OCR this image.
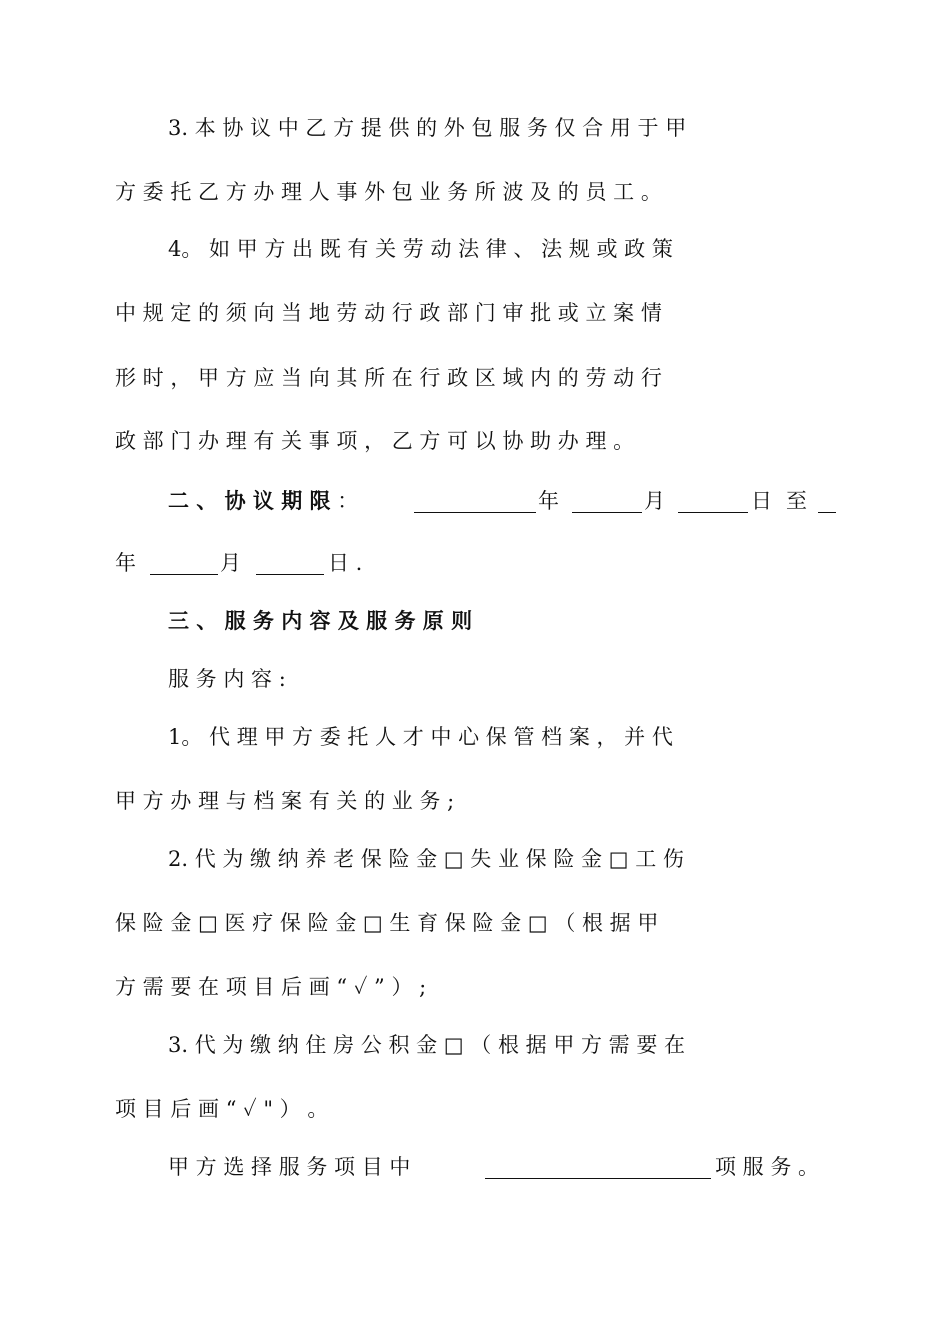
3. 本 协 议 中 乙 方 提 供 的 外 包 服 务 仅 合 用 于 甲
方 委 托 乙 方 办 理 人 事 外 包 业 务 所 波 及 的 员 工 。
4。 如 甲 方 出 既 有 关 劳 动 法 律 、 法 规 或 政 策
中 规 定 的 须 向 当 地 劳 动 行 政 部 门 审 批 或 立 案 情
形 时 ， 甲 方 应 当 向 其 所 在 行 政 区 域 内 的 劳 动 行
政 部 门 办 理 有 关 事 项 ， 乙 方 可 以 协 助 办 理 。
二 、 协 议 期 限 ：	年	月	日 至
年	月	日 .
三 、 服 务 内 容 及 服 务 原 则
服 务 内 容 :
1。 代 理 甲 方 委 托 人 才 中 心 保 管 档 案 ， 并 代
甲 方 办 理 与 档 案 有 关 的 业 务 ;
2. 代 为 缴 纳 养 老 保 险 金 □ 失 业 保 险 金 □ 工 伤
保 险 金 □ 医 疗 保 险 金 □ 生 育 保 险 金 □ （ 根 据 甲
方 需 要 在 项 目 后 画 “ ✓ ” ） ;
3. 代 为 缴 纳 住 房 公 积 金 □ （ 根 据 甲 方 需 要 在
项 目 后 画 “ ✓ " ） 。
甲 方 选 择 服 务 项 目 中	项 服 务 。
